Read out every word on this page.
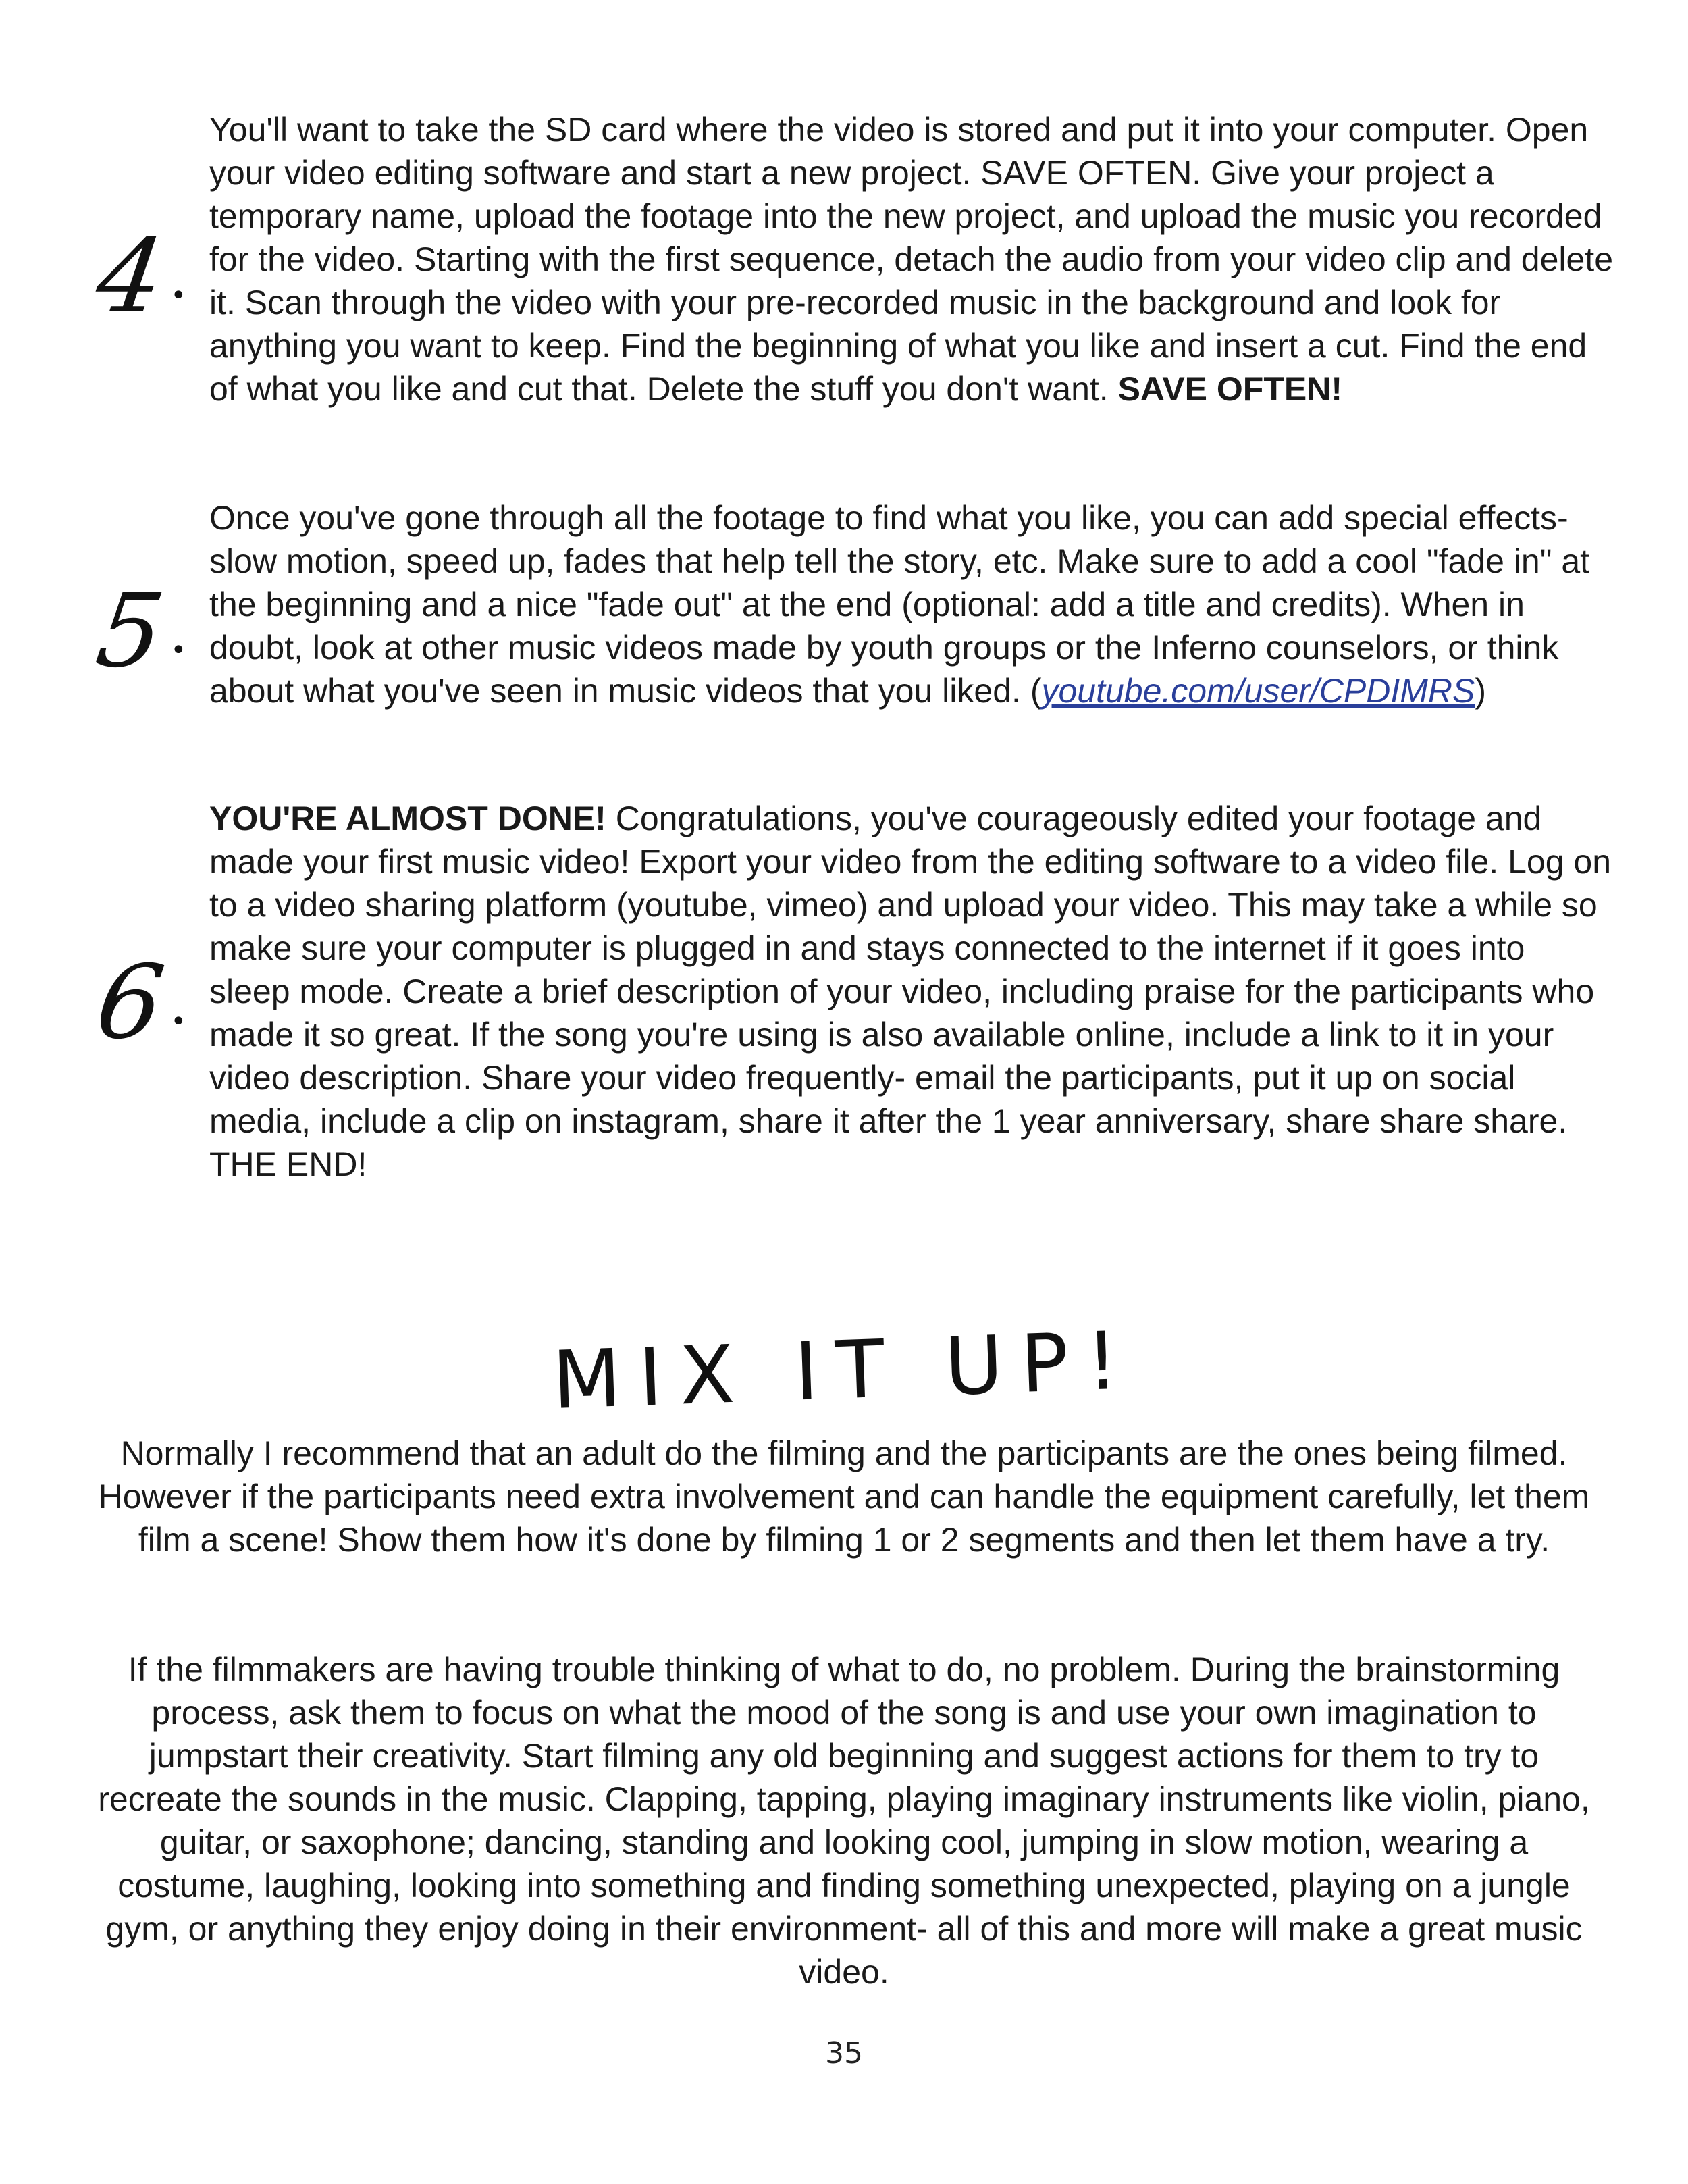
4•

You'll want to take the SD card where the video is stored and put it into your computer. Open your video editing software and start a new project. SAVE OFTEN. Give your project a temporary name, upload the footage into the new project, and upload the music you recorded for the video. Starting with the first sequence, detach the audio from your video clip and delete it. Scan through the video with your pre-recorded music in the background and look for anything you want to keep. Find the beginning of what you like and insert a cut. Find the end of what you like and cut that. Delete the stuff you don't want. SAVE OFTEN!

5•

Once you've gone through all the footage to find what you like, you can add special effects- slow motion, speed up, fades that help tell the story, etc. Make sure to add a cool "fade in" at the beginning and a nice "fade out" at the end (optional: add a title and credits). When in doubt, look at other music videos made by youth groups or the Inferno counselors, or think about what you've seen in music videos that you liked. (youtube.com/user/CPDIMRS)

6•

YOU'RE ALMOST DONE! Congratulations, you've courageously edited your footage and made your first music video! Export your video from the editing software to a video file. Log on to a video sharing platform (youtube, vimeo) and upload your video. This may take a while so make sure your computer is plugged in and stays connected to the internet if it goes into sleep mode. Create a brief description of your video, including praise for the participants who made it so great. If the song you're using is also available online, include a link to it in your video description. Share your video frequently- email the participants, put it up on social media, include a clip on instagram, share it after the 1 year anniversary, share share share. THE END!

MIX IT UP!

Normally I recommend that an adult do the filming and the participants are the ones being filmed. However if the participants need extra involvement and can handle the equipment carefully, let them film a scene! Show them how it's done by filming 1 or 2 segments and then let them have a try.

If the filmmakers are having trouble thinking of what to do, no problem. During the brainstorming process, ask them to focus on what the mood of the song is and use your own imagination to jumpstart their creativity. Start filming any old beginning and suggest actions for them to try to recreate the sounds in the music. Clapping, tapping, playing imaginary instruments like violin, piano, guitar, or saxophone; dancing, standing and looking cool, jumping in slow motion, wearing a costume, laughing, looking into something and finding something unexpected, playing on a jungle gym, or anything they enjoy doing in their environment- all of this and more will make a great music video.

35
